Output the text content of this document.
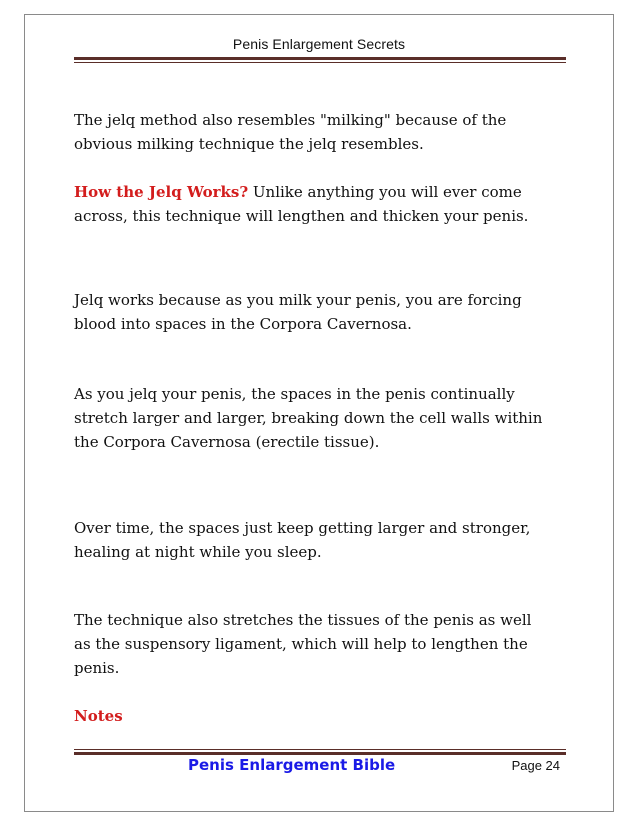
Penis Enlargement Secrets

The jelq method also resembles "milking" because of the obvious milking technique the jelq resembles.

How the Jelq Works? Unlike anything you will ever come across, this technique will lengthen and thicken your penis.

Jelq works because as you milk your penis, you are forcing blood into spaces in the Corpora Cavernosa.

As you jelq your penis, the spaces in the penis continually stretch larger and larger, breaking down the cell walls within the Corpora Cavernosa (erectile tissue).

Over time, the spaces just keep getting larger and stronger, healing at night while you sleep.

The technique also stretches the tissues of the penis as well as the suspensory ligament, which will help to lengthen the penis.

Notes

Penis Enlargement Bible	Page 24
